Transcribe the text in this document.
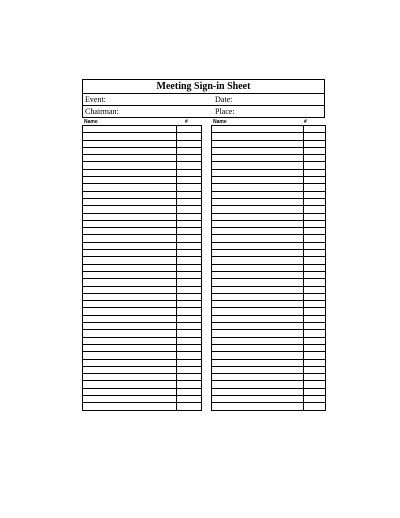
Meeting Sign-in Sheet
Event:	Date:
Chairman:	Place:
Name	#	Name	#
